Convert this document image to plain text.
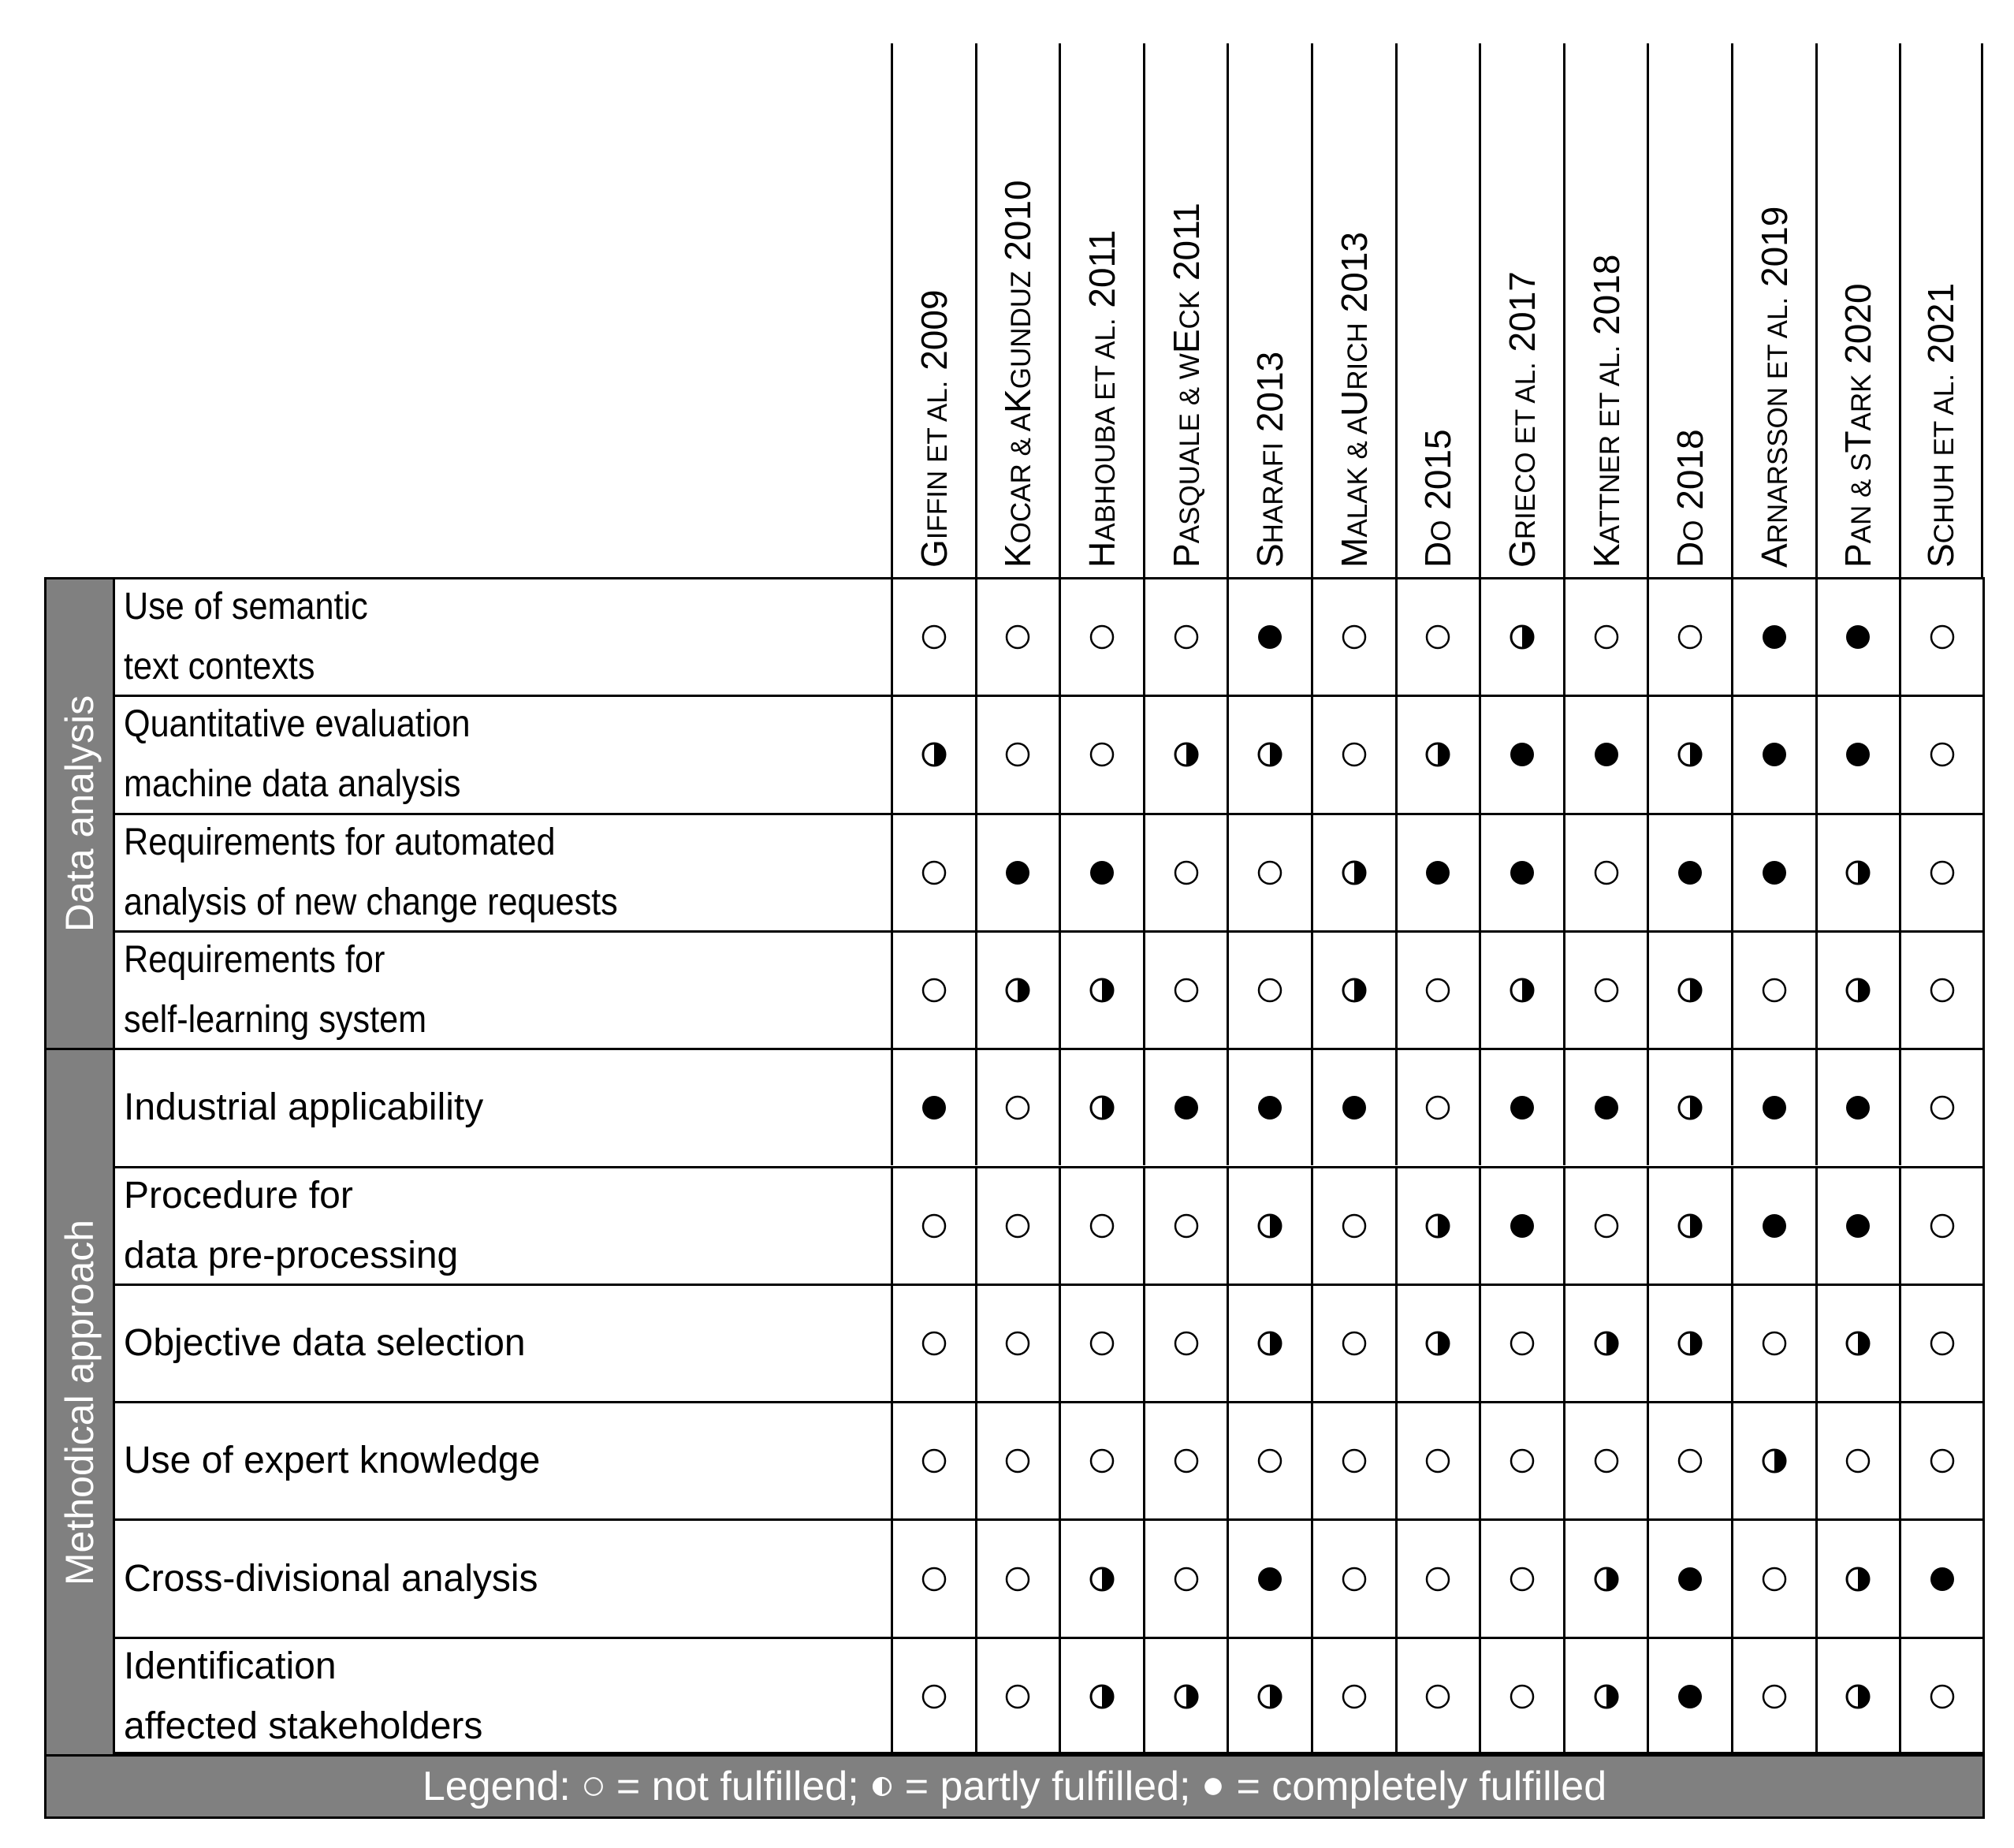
GIFFIN ET AL. 2009
KOCAR & AKGUNDUZ 2010
HABHOUBA ET AL. 2011
PASQUALE & WECK 2011
SHARAFI 2013
MALAK & AURICH 2013
DO 2015
GRIECO ET AL. 2017
KATTNER ET AL. 2018
DO 2018
ARNARSSON ET AL. 2019
PAN & STARK 2020
SCHUH ET AL. 2021
Use of semantic
text contexts
Quantitative evaluation
machine data analysis
Requirements for automated
analysis of new change requests
Requirements for
self-learning system
Industrial applicability
Procedure for
data pre-processing
Objective data selection
Use of expert knowledge
Cross-divisional analysis
Identification
affected stakeholders
Data analysis
Methodical approach
Legend: = not fulfilled; = partly fulfilled; = completely fulfilled
